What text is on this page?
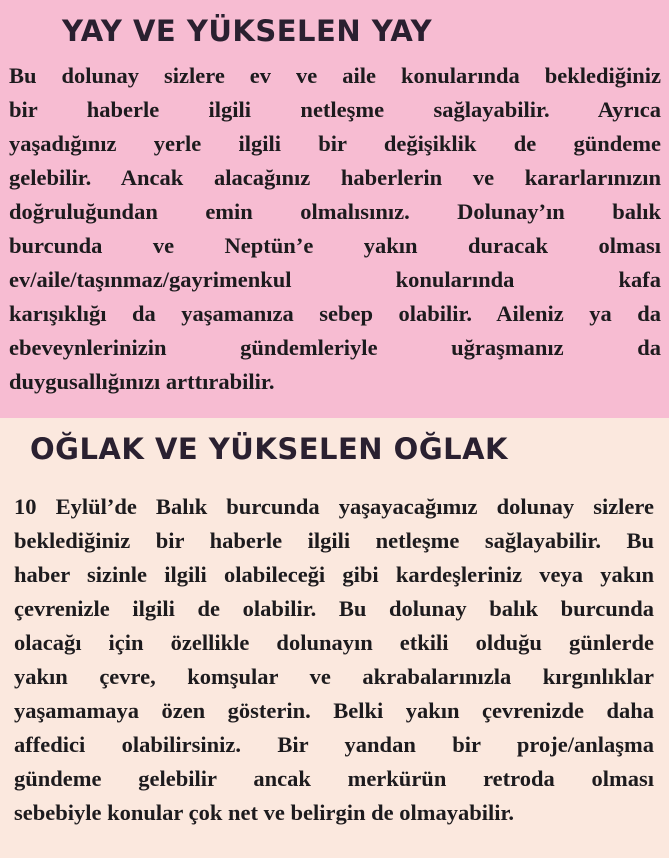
YAY VE YÜKSELEN YAY
Bu dolunay sizlere ev ve aile konularında beklediğiniz
bir haberle ilgili netleşme sağlayabilir. Ayrıca
yaşadığınız yerle ilgili bir değişiklik de gündeme
gelebilir. Ancak alacağınız haberlerin ve kararlarınızın
doğruluğundan emin olmalısınız. Dolunay’ın balık
burcunda ve Neptün’e yakın duracak olması
ev/aile/taşınmaz/gayrimenkul konularında kafa
karışıklığı da yaşamanıza sebep olabilir. Aileniz ya da
ebeveynlerinizin gündemleriyle uğraşmanız da
duygusallığınızı arttırabilir.
OĞLAK VE YÜKSELEN OĞLAK
10 Eylül’de Balık burcunda yaşayacağımız dolunay sizlere
beklediğiniz bir haberle ilgili netleşme sağlayabilir. Bu
haber sizinle ilgili olabileceği gibi kardeşleriniz veya yakın
çevrenizle ilgili de olabilir. Bu dolunay balık burcunda
olacağı için özellikle dolunayın etkili olduğu günlerde
yakın çevre, komşular ve akrabalarınızla kırgınlıklar
yaşamamaya özen gösterin. Belki yakın çevrenizde daha
affedici olabilirsiniz. Bir yandan bir proje/anlaşma
gündeme gelebilir ancak merkürün retroda olması
sebebiyle konular çok net ve belirgin de olmayabilir.
